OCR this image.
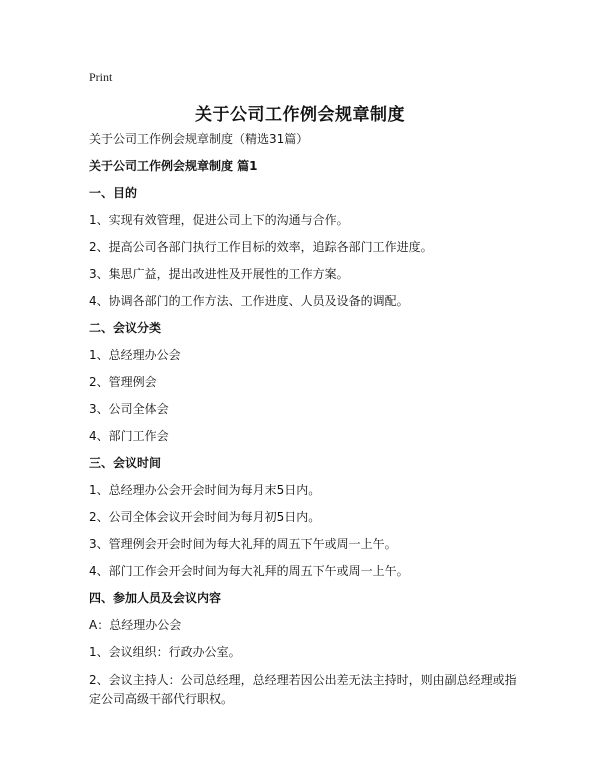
Print
关于公司工作例会规章制度

关于公司工作例会规章制度（精选31篇）

关于公司工作例会规章制度 篇1

一、目的

1、实现有效管理，促进公司上下的沟通与合作。

2、提高公司各部门执行工作目标的效率，追踪各部门工作进度。

3、集思广益，提出改进性及开展性的工作方案。

4、协调各部门的工作方法、工作进度、人员及设备的调配。

二、会议分类

1、总经理办公会

2、管理例会

3、公司全体会

4、部门工作会

三、会议时间

1、总经理办公会开会时间为每月末5日内。

2、公司全体会议开会时间为每月初5日内。

3、管理例会开会时间为每大礼拜的周五下午或周一上午。

4、部门工作会开会时间为每大礼拜的周五下午或周一上午。

四、参加人员及会议内容

A：总经理办公会

1、会议组织：行政办公室。

2、会议主持人：公司总经理，总经理若因公出差无法主持时，则由副总经理或指定公司高级干部代行职权。
